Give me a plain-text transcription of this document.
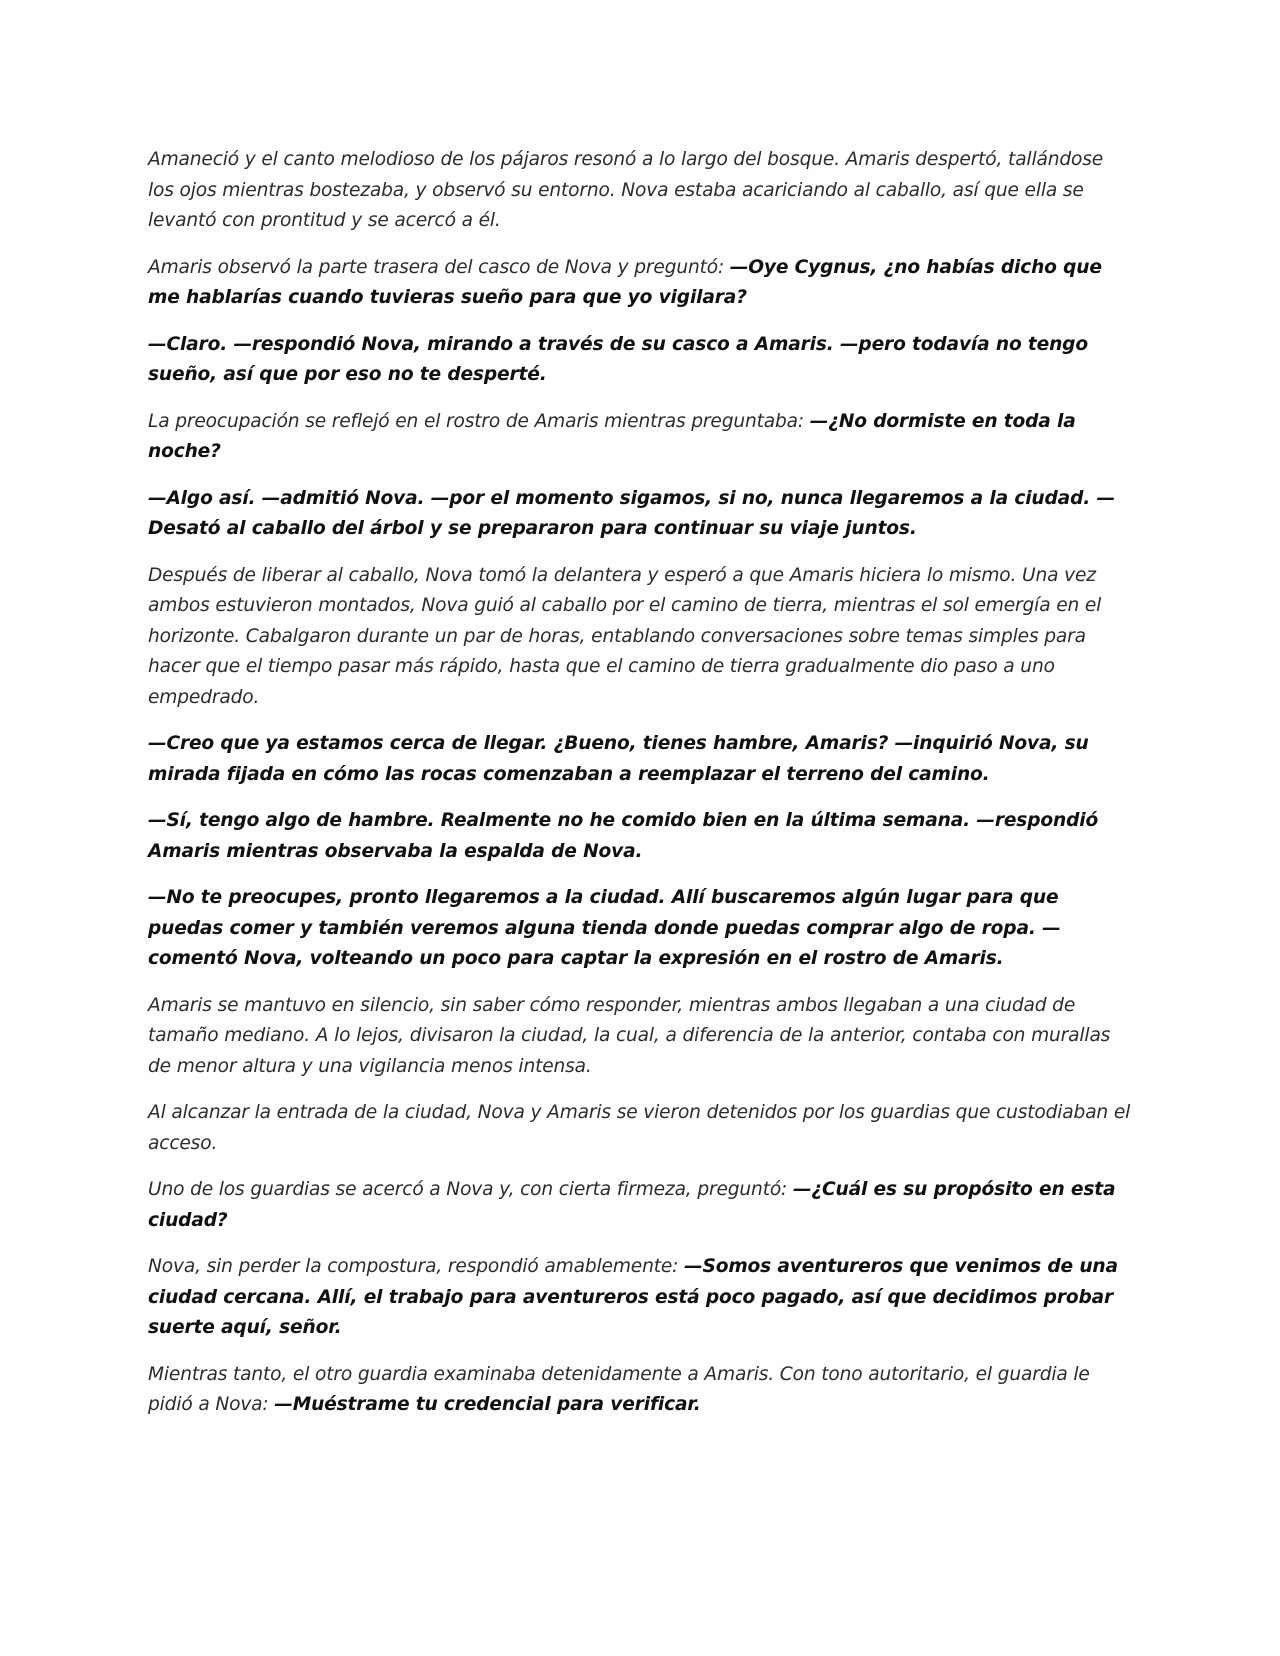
Amaneció y el canto melodioso de los pájaros resonó a lo largo del bosque. Amaris despertó, tallándose los ojos mientras bostezaba, y observó su entorno. Nova estaba acariciando al caballo, así que ella se levantó con prontitud y se acercó a él.

Amaris observó la parte trasera del casco de Nova y preguntó: —Oye Cygnus, ¿no habías dicho que me hablarías cuando tuvieras sueño para que yo vigilara?

—Claro. —respondió Nova, mirando a través de su casco a Amaris. —pero todavía no tengo sueño, así que por eso no te desperté.

La preocupación se reflejó en el rostro de Amaris mientras preguntaba: —¿No dormiste en toda la noche?

—Algo así. —admitió Nova. —por el momento sigamos, si no, nunca llegaremos a la ciudad. —Desató al caballo del árbol y se prepararon para continuar su viaje juntos.

Después de liberar al caballo, Nova tomó la delantera y esperó a que Amaris hiciera lo mismo. Una vez ambos estuvieron montados, Nova guió al caballo por el camino de tierra, mientras el sol emergía en el horizonte. Cabalgaron durante un par de horas, entablando conversaciones sobre temas simples para hacer que el tiempo pasar más rápido, hasta que el camino de tierra gradualmente dio paso a uno empedrado.

—Creo que ya estamos cerca de llegar. ¿Bueno, tienes hambre, Amaris? —inquirió Nova, su mirada fijada en cómo las rocas comenzaban a reemplazar el terreno del camino.

—Sí, tengo algo de hambre. Realmente no he comido bien en la última semana. —respondió Amaris mientras observaba la espalda de Nova.

—No te preocupes, pronto llegaremos a la ciudad. Allí buscaremos algún lugar para que puedas comer y también veremos alguna tienda donde puedas comprar algo de ropa. —comentó Nova, volteando un poco para captar la expresión en el rostro de Amaris.

Amaris se mantuvo en silencio, sin saber cómo responder, mientras ambos llegaban a una ciudad de tamaño mediano. A lo lejos, divisaron la ciudad, la cual, a diferencia de la anterior, contaba con murallas de menor altura y una vigilancia menos intensa.

Al alcanzar la entrada de la ciudad, Nova y Amaris se vieron detenidos por los guardias que custodiaban el acceso.

Uno de los guardias se acercó a Nova y, con cierta firmeza, preguntó: —¿Cuál es su propósito en esta ciudad?

Nova, sin perder la compostura, respondió amablemente: —Somos aventureros que venimos de una ciudad cercana. Allí, el trabajo para aventureros está poco pagado, así que decidimos probar suerte aquí, señor.

Mientras tanto, el otro guardia examinaba detenidamente a Amaris. Con tono autoritario, el guardia le pidió a Nova: —Muéstrame tu credencial para verificar.
